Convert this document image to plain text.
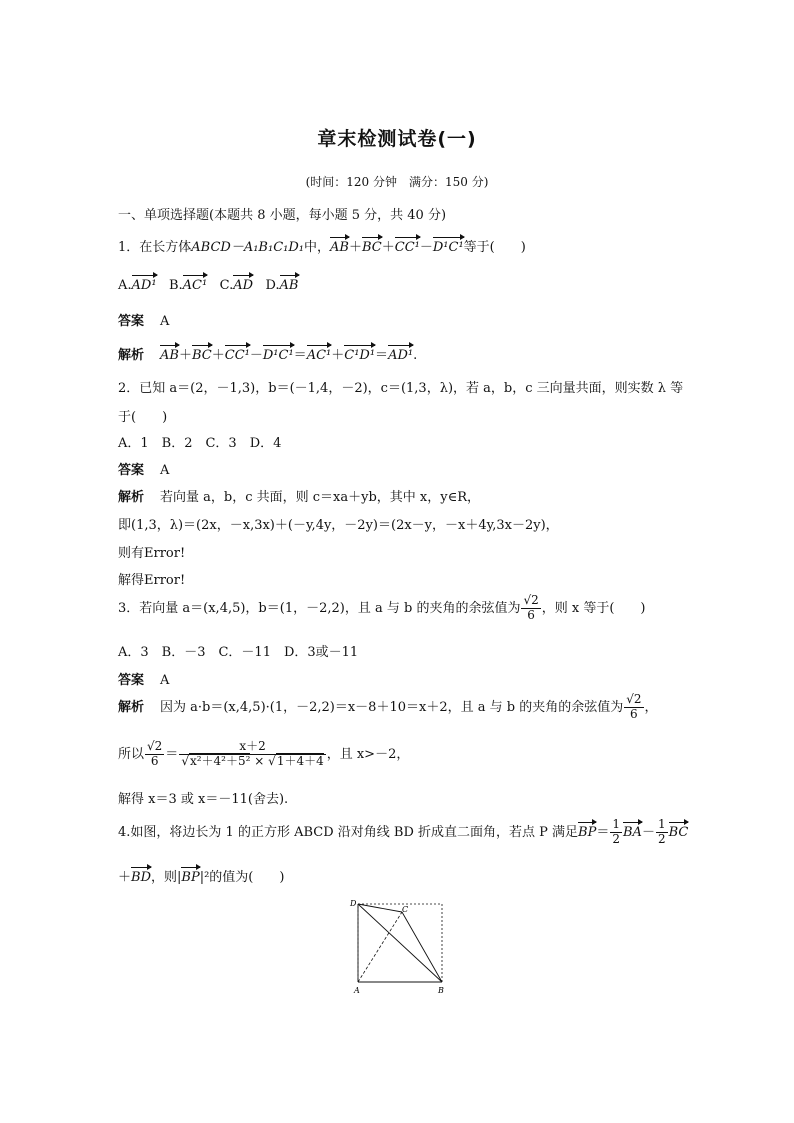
章末检测试卷(一)
(时间：120 分钟　满分：150 分)
一、单项选择题(本题共 8 小题，每小题 5 分，共 40 分)
1．在长方体ABCD－A₁B₁C₁D₁中，AB＋BC＋CC¹－D¹C¹等于(　　)
A.AD¹ B.AC¹ C.AD D.AB
答案 A
解析 AB＋BC＋CC¹－D¹C¹＝AC¹＋C¹D¹＝AD¹.
2．已知 a＝(2，－1,3)，b＝(－1,4，－2)，c＝(1,3，λ)，若 a，b，c 三向量共面，则实数 λ 等
于(　　)
A．1　B．2　C．3　D．4
答案 A
解析 若向量 a，b，c 共面，则 c＝xa＋yb，其中 x，y∈R，
即(1,3，λ)＝(2x，－x,3x)＋(－y,4y，－2y)＝(2x－y，－x＋4y,3x－2y)，
则有Error!
解得Error!
3．若向量 a＝(x,4,5)，b＝(1，－2,2)，且 a 与 b 的夹角的余弦值为 $\frac{√2}{6}$ ，则 x 等于(　　)
A．3　B．－3　C．－11　D．3或－11
答案 A
解析 因为 a·b＝(x,4,5)·(1，－2,2)＝x－8＋10＝x＋2，且 a 与 b 的夹角的余弦值为 $\frac{√2}{6}$ ，
所以 $\frac{√2}{6} = \frac{x+2}{\text{√x²＋4²＋5² × √1＋4＋4}}$ ，且 x>－2，
解得 x＝3 或 x＝－11(舍去).
4.如图，将边长为 1 的正方形 ABCD 沿对角线 BD 折成直二面角，若点 P 满足$BP= \frac{1}{2} BA- \frac{1}{2}$ BC
＋BD，则|BP|²的值为(　　)
D
C
A	B
